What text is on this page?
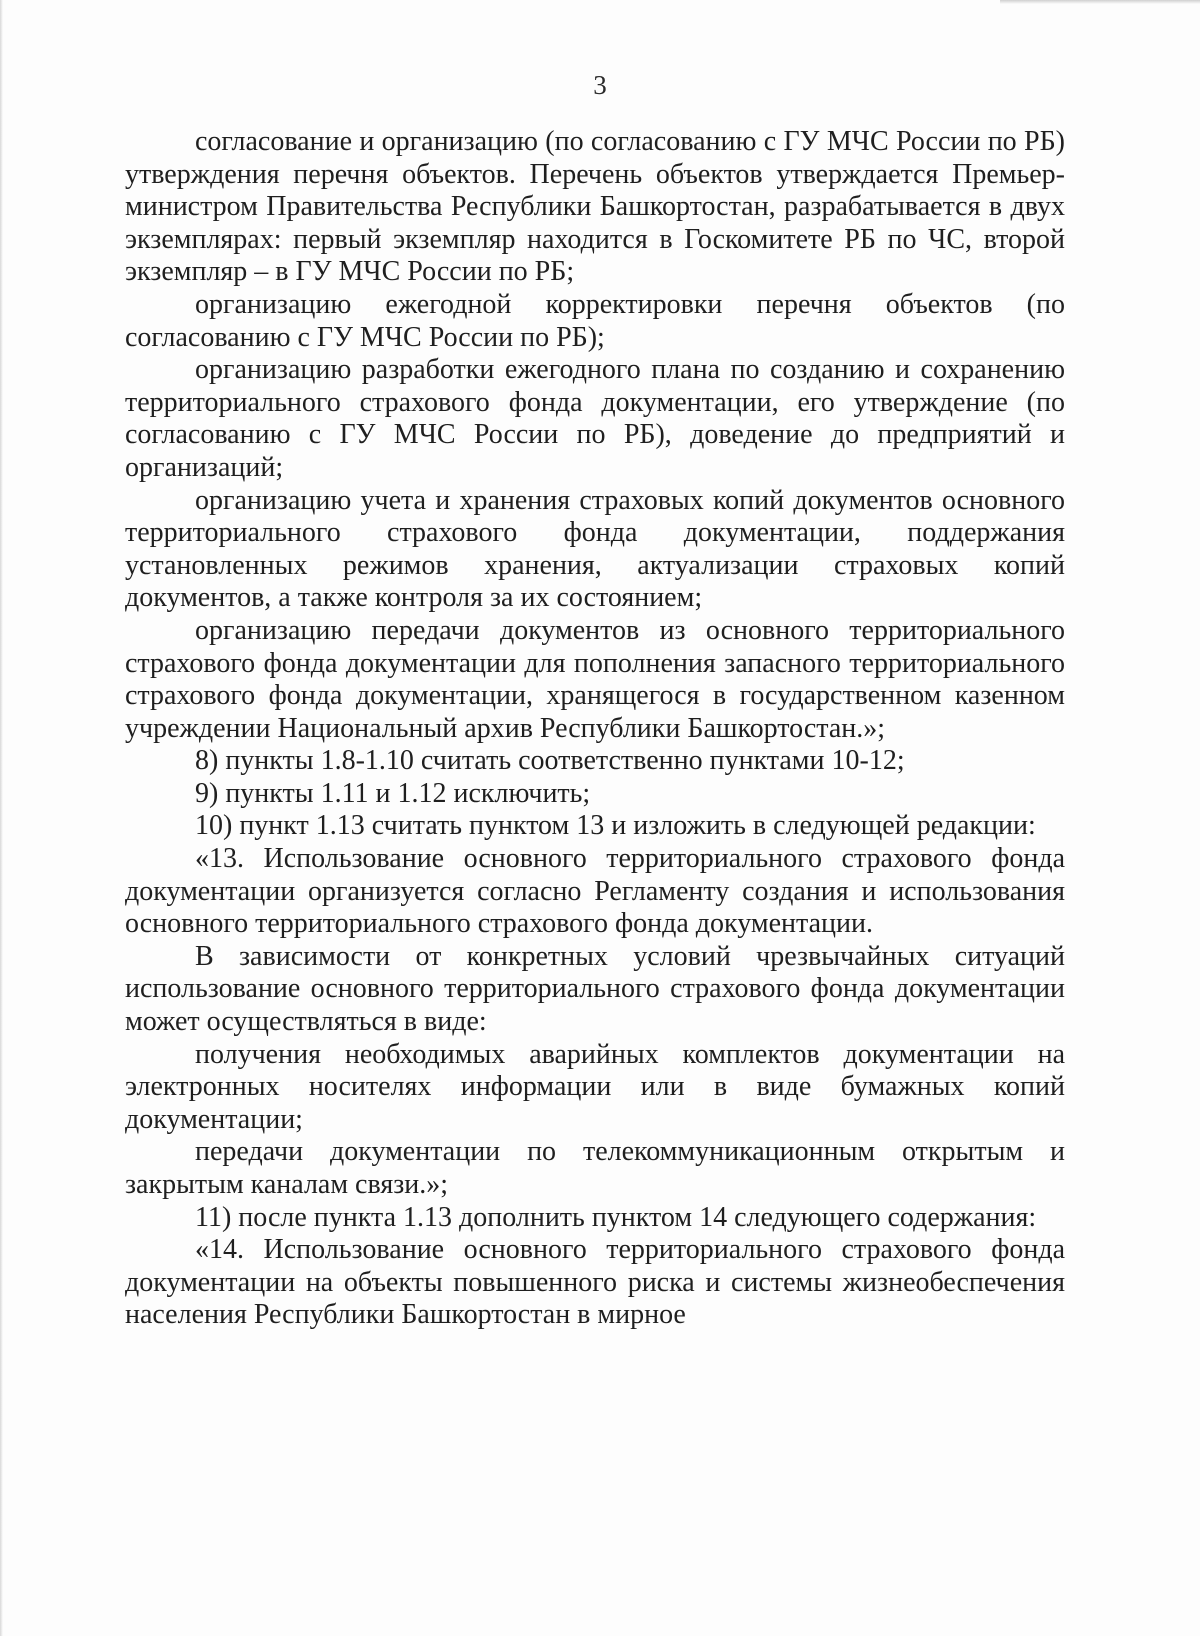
3

согласование и организацию (по согласованию с ГУ МЧС России по РБ) утверждения перечня объектов. Перечень объектов утверждается Премьер-министром Правительства Республики Башкортостан, разрабатывается в двух экземплярах: первый экземпляр находится в Госкомитете РБ по ЧС, второй экземпляр – в ГУ МЧС России по РБ;

организацию ежегодной корректировки перечня объектов (по согласованию с ГУ МЧС России по РБ);

организацию разработки ежегодного плана по созданию и сохранению территориального страхового фонда документации, его утверждение (по согласованию с ГУ МЧС России по РБ), доведение до предприятий и организаций;

организацию учета и хранения страховых копий документов основного территориального страхового фонда документации, поддержания установленных режимов хранения, актуализации страховых копий документов, а также контроля за их состоянием;

организацию передачи документов из основного территориального страхового фонда документации для пополнения запасного территориального страхового фонда документации, хранящегося в государственном казенном учреждении Национальный архив Республики Башкортостан.»;

8) пункты 1.8-1.10 считать соответственно пунктами 10-12;

9) пункты 1.11 и 1.12 исключить;

10) пункт 1.13 считать пунктом 13 и изложить в следующей редакции:

«13. Использование основного территориального страхового фонда документации организуется согласно Регламенту создания и использования основного территориального страхового фонда документации.

В зависимости от конкретных условий чрезвычайных ситуаций использование основного территориального страхового фонда документации может осуществляться в виде:

получения необходимых аварийных комплектов документации на электронных носителях информации или в виде бумажных копий документации;

передачи документации по телекоммуникационным открытым и закрытым каналам связи.»;

11) после пункта 1.13 дополнить пунктом 14 следующего содержания:

«14. Использование основного территориального страхового фонда документации на объекты повышенного риска и системы жизнеобеспечения населения Республики Башкортостан в мирное
